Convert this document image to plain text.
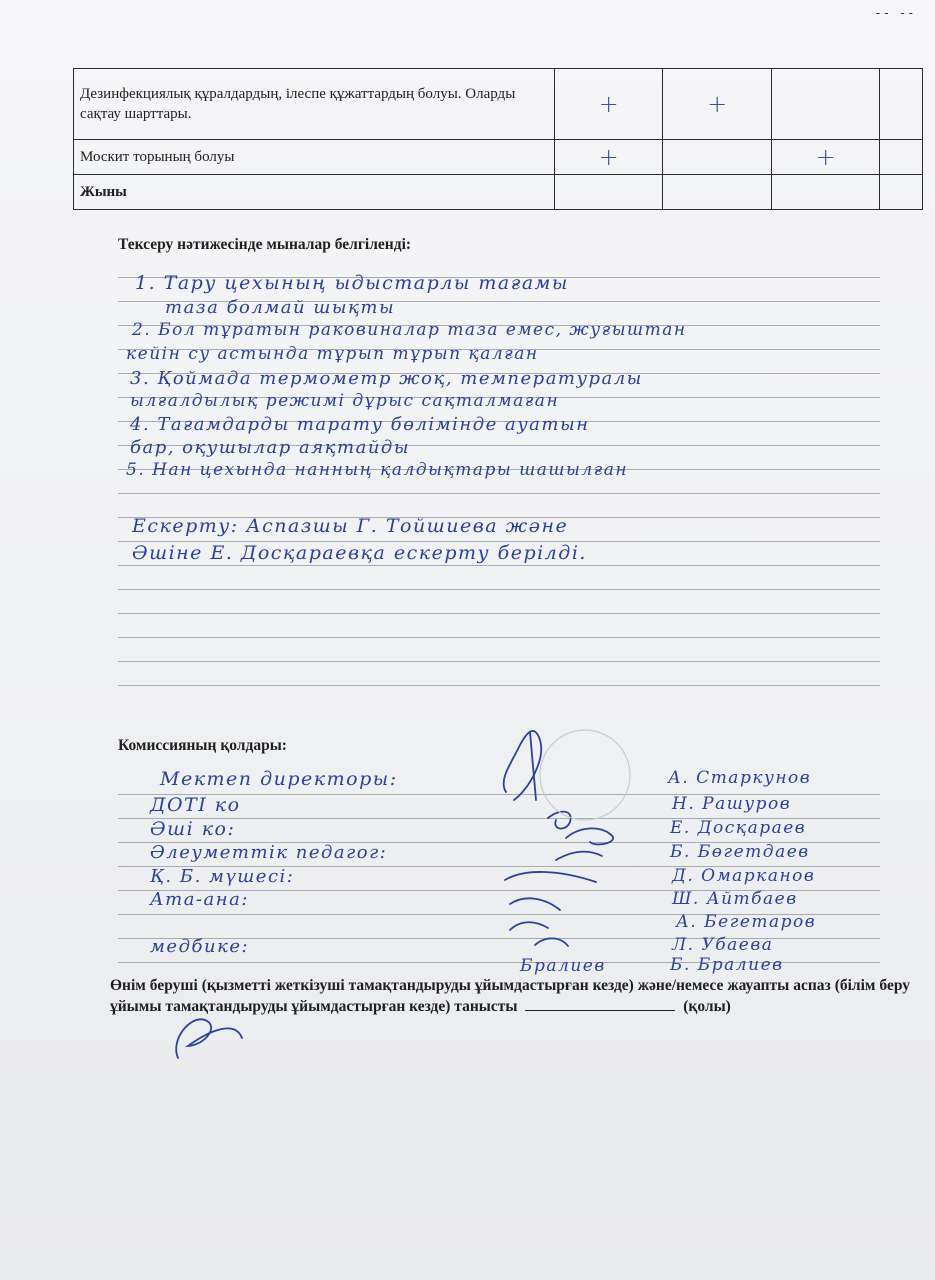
-- --
Дезинфекциялық құралдардың, ілеспе құжаттардың болуы. Оларды сақтау шарттары.	+	+		
Москит торының болуы	+		+	
Жыны				
Тексеру нәтижесінде мыналар белгіленді:
1. Тару цехының ыдыстарлы тағамы
таза болмай шықты
2. Бол тұратын раковиналар таза емес, жуғыштан
кейін су астында тұрып тұрып қалған
3. Қоймада термометр жоқ, температуралы
ылғалдылық режимі дұрыс сақталмаған
4. Тағамдарды тарату бөлімінде ауатын
бар, оқушылар аяқтайды
5. Нан цехында нанның қалдықтары шашылған
Ескерту: Аспазшы Г. Тойшиева және
Әшіне Е. Досқараевқа ескерту берілді.
Комиссияның қолдары:
Мектеп директоры:	А. Старкунов
ДОТІ ко	Н. Рашуров
Әші ко:	Е. Досқараев
Әлеуметтік педагог:	Б. Бөгетдаев
Қ. Б. мүшесі:	Д. Омарканов
Ата-ана:	Ш. Айтбаев
А. Бегетаров
медбике:	Л. Убаева
Б. Бралиев
Бралиев
Өнім беруші (қызметті жеткізуші тамақтандыруды ұйымдастырған кезде) және/немесе жауапты аспаз (білім беру ұйымы тамақтандыруды ұйымдастырған кезде) танысты	(қолы)
